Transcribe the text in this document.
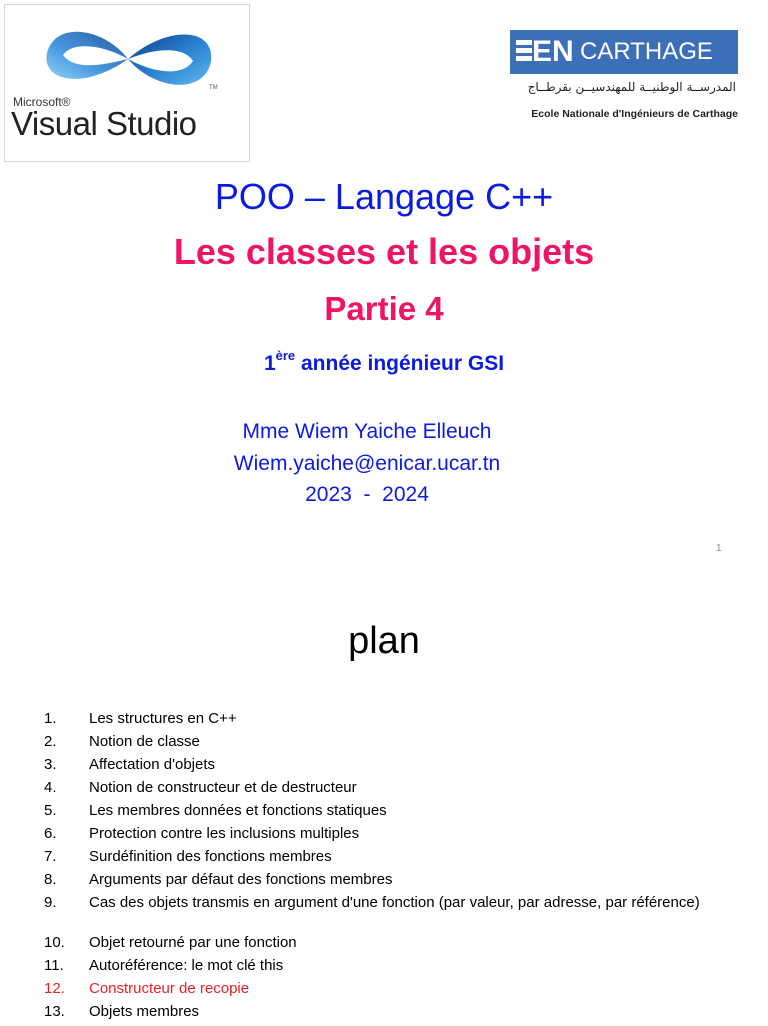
TM
Microsoft®
Visual Studio
EN CARTHAGE
المدرســة الوطنيــة للمهندسيــن بقرطــاج
Ecole Nationale d'Ingénieurs de Carthage
POO – Langage C++
Les classes et les objets
Partie 4
1ère année ingénieur GSI
Mme Wiem Yaiche Elleuch
Wiem.yaiche@enicar.ucar.tn
2023  -  2024
1
plan
1. Les structures en C++
2. Notion de classe
3. Affectation d'objets
4. Notion de constructeur et de destructeur
5. Les membres données et fonctions statiques
6. Protection contre les inclusions multiples
7. Surdéfinition des fonctions membres
8. Arguments par défaut des fonctions membres
9. Cas des objets transmis en argument d'une fonction (par valeur, par adresse, par référence)
10. Objet retourné par une fonction
11. Autoréférence: le mot clé this
12. Constructeur de recopie
13. Objets membres
